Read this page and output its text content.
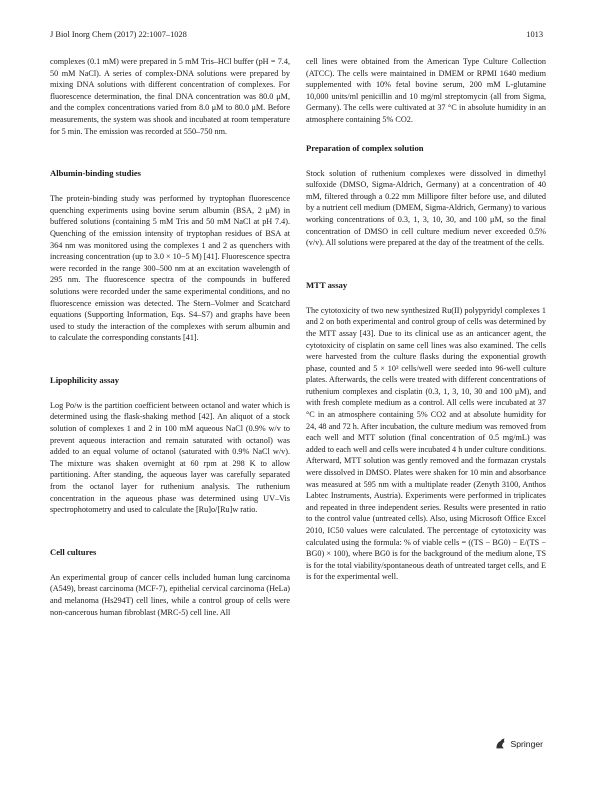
J Biol Inorg Chem (2017) 22:1007–1028	1013

complexes (0.1 mM) were prepared in 5 mM Tris–HCl buffer (pH = 7.4, 50 mM NaCl). A series of complex-DNA solutions were prepared by mixing DNA solutions with different concentration of complexes. For fluorescence determination, the final DNA concentration was 80.0 μM, and the complex concentrations varied from 8.0 μM to 80.0 μM. Before measurements, the system was shook and incubated at room temperature for 5 min. The emission was recorded at 550–750 nm.

Albumin-binding studies

The protein-binding study was performed by tryptophan fluorescence quenching experiments using bovine serum albumin (BSA, 2 μM) in buffered solutions (containing 5 mM Tris and 50 mM NaCl at pH 7.4). Quenching of the emission intensity of tryptophan residues of BSA at 364 nm was monitored using the complexes 1 and 2 as quenchers with increasing concentration (up to 3.0 × 10−5 M) [41]. Fluorescence spectra were recorded in the range 300–500 nm at an excitation wavelength of 295 nm. The fluorescence spectra of the compounds in buffered solutions were recorded under the same experimental conditions, and no fluorescence emission was detected. The Stern–Volmer and Scatchard equations (Supporting Information, Eqs. S4–S7) and graphs have been used to study the interaction of the complexes with serum albumin and to calculate the corresponding constants [41].

Lipophilicity assay

Log Po/w is the partition coefficient between octanol and water which is determined using the flask-shaking method [42]. An aliquot of a stock solution of complexes 1 and 2 in 100 mM aqueous NaCl (0.9% w/v to prevent aqueous interaction and remain saturated with octanol) was added to an equal volume of octanol (saturated with 0.9% NaCl w/v). The mixture was shaken overnight at 60 rpm at 298 K to allow partitioning. After standing, the aqueous layer was carefully separated from the octanol layer for ruthenium analysis. The ruthenium concentration in the aqueous phase was determined using UV–Vis spectrophotometry and used to calculate the [Ru]o/[Ru]w ratio.

Cell cultures

An experimental group of cancer cells included human lung carcinoma (A549), breast carcinoma (MCF-7), epithelial cervical carcinoma (HeLa) and melanoma (Hs294T) cell lines, while a control group of cells were non-cancerous human fibroblast (MRC-5) cell line. All

cell lines were obtained from the American Type Culture Collection (ATCC). The cells were maintained in DMEM or RPMI 1640 medium supplemented with 10% fetal bovine serum, 200 mM L-glutamine 10,000 units/ml penicillin and 10 mg/ml streptomycin (all from Sigma, Germany). The cells were cultivated at 37 °C in absolute humidity in an atmosphere containing 5% CO2.

Preparation of complex solution

Stock solution of ruthenium complexes were dissolved in dimethyl sulfoxide (DMSO, Sigma-Aldrich, Germany) at a concentration of 40 mM, filtered through a 0.22 mm Millipore filter before use, and diluted by a nutrient cell medium (DMEM, Sigma-Aldrich, Germany) to various working concentrations of 0.3, 1, 3, 10, 30, and 100 μM, so the final concentration of DMSO in cell culture medium never exceeded 0.5% (v/v). All solutions were prepared at the day of the treatment of the cells.

MTT assay

The cytotoxicity of two new synthesized Ru(II) polypyridyl complexes 1 and 2 on both experimental and control group of cells was determined by the MTT assay [43]. Due to its clinical use as an anticancer agent, the cytotoxicity of cisplatin on same cell lines was also examined. The cells were harvested from the culture flasks during the exponential growth phase, counted and 5 × 10³ cells/well were seeded into 96-well culture plates. Afterwards, the cells were treated with different concentrations of ruthenium complexes and cisplatin (0.3, 1, 3, 10, 30 and 100 μM), and with fresh complete medium as a control. All cells were incubated at 37 °C in an atmosphere containing 5% CO2 and at absolute humidity for 24, 48 and 72 h. After incubation, the culture medium was removed from each well and MTT solution (final concentration of 0.5 mg/mL) was added to each well and cells were incubated 4 h under culture conditions. Afterward, MTT solution was gently removed and the formazan crystals were dissolved in DMSO. Plates were shaken for 10 min and absorbance was measured at 595 nm with a multiplate reader (Zenyth 3100, Anthos Labtec Instruments, Austria). Experiments were performed in triplicates and repeated in three independent series. Results were presented in ratio to the control value (untreated cells). Also, using Microsoft Office Excel 2010, IC50 values were calculated. The percentage of cytotoxicity was calculated using the formula: % of viable cells = ((TS − BG0) − E/(TS − BG0) × 100), where BG0 is for the background of the medium alone, TS is for the total viability/spontaneous death of untreated target cells, and E is for the experimental well.

Springer
